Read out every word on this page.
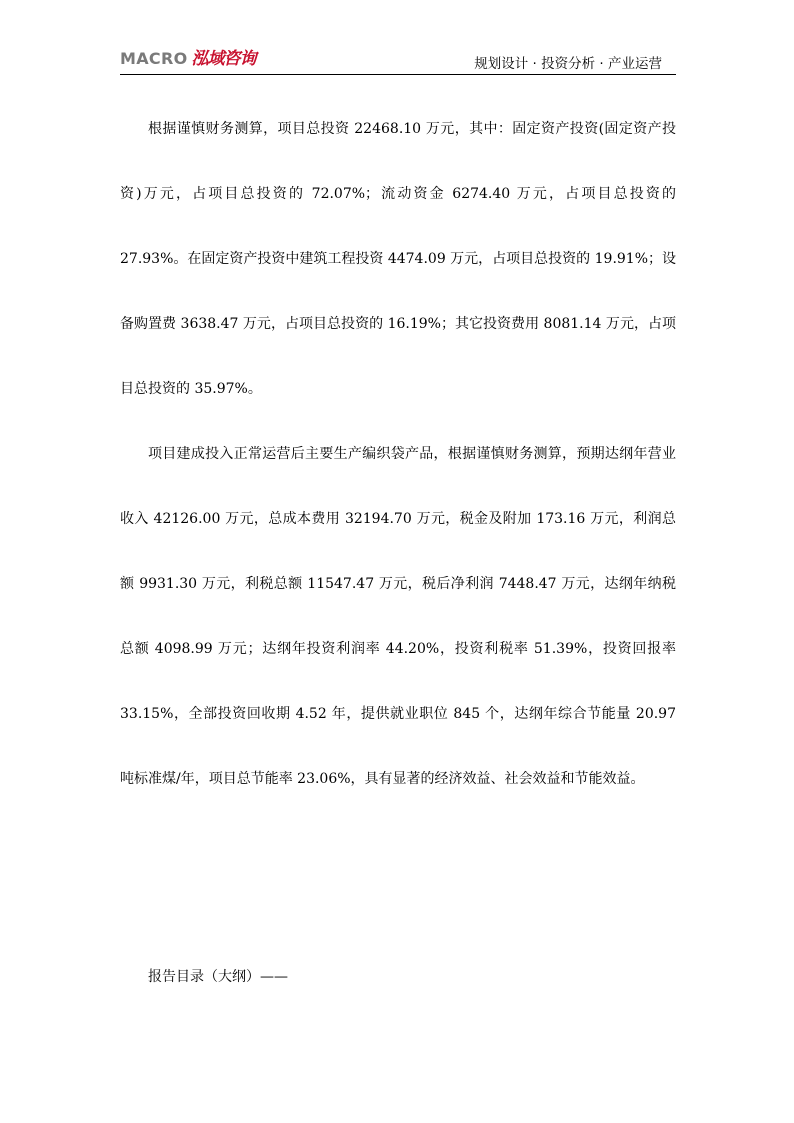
MACRO 泓域咨询	规划设计 · 投资分析 · 产业运营

根据谨慎财务测算，项目总投资 22468.10 万元，其中：固定资产投资(固定资产投资)万元，占项目总投资的 72.07%；流动资金 6274.40 万元，占项目总投资的 27.93%。在固定资产投资中建筑工程投资 4474.09 万元，占项目总投资的 19.91%；设备购置费 3638.47 万元，占项目总投资的 16.19%；其它投资费用 8081.14 万元，占项目总投资的 35.97%。

项目建成投入正常运营后主要生产编织袋产品，根据谨慎财务测算，预期达纲年营业收入 42126.00 万元，总成本费用 32194.70 万元，税金及附加 173.16 万元，利润总额 9931.30 万元，利税总额 11547.47 万元，税后净利润 7448.47 万元，达纲年纳税总额 4098.99 万元；达纲年投资利润率 44.20%，投资利税率 51.39%，投资回报率 33.15%，全部投资回收期 4.52 年，提供就业职位 845 个，达纲年综合节能量 20.97 吨标准煤/年，项目总节能率 23.06%，具有显著的经济效益、社会效益和节能效益。

报告目录（大纲）——
